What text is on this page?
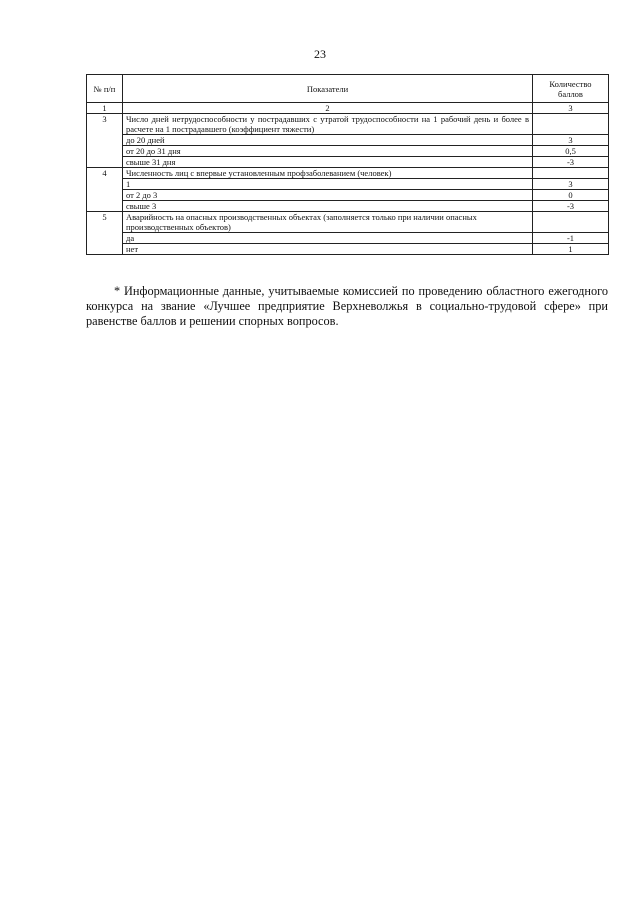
23
№ п/п	Показатели	Количество баллов
1	2	3
3	Число дней нетрудоспособности у пострадавших с утратой трудоспособности на 1 рабочий день и более в расчете на 1 пострадавшего (коэффициент тяжести)	
	до 20 дней	3
	от 20 до 31 дня	0,5
	свыше 31 дня	-3
4	Численность лиц с впервые установленным профзаболеванием (человек)	
	1	3
	от 2 до 3	0
	свыше 3	-3
5	Аварийность на опасных производственных объектах (заполняется только при наличии опасных производственных объектов)	
	да	-1
	нет	1
* Информационные данные, учитываемые комиссией по проведению областного ежегодного конкурса на звание «Лучшее предприятие Верхневолжья в социально-трудовой сфере» при равенстве баллов и решении спорных вопросов.
